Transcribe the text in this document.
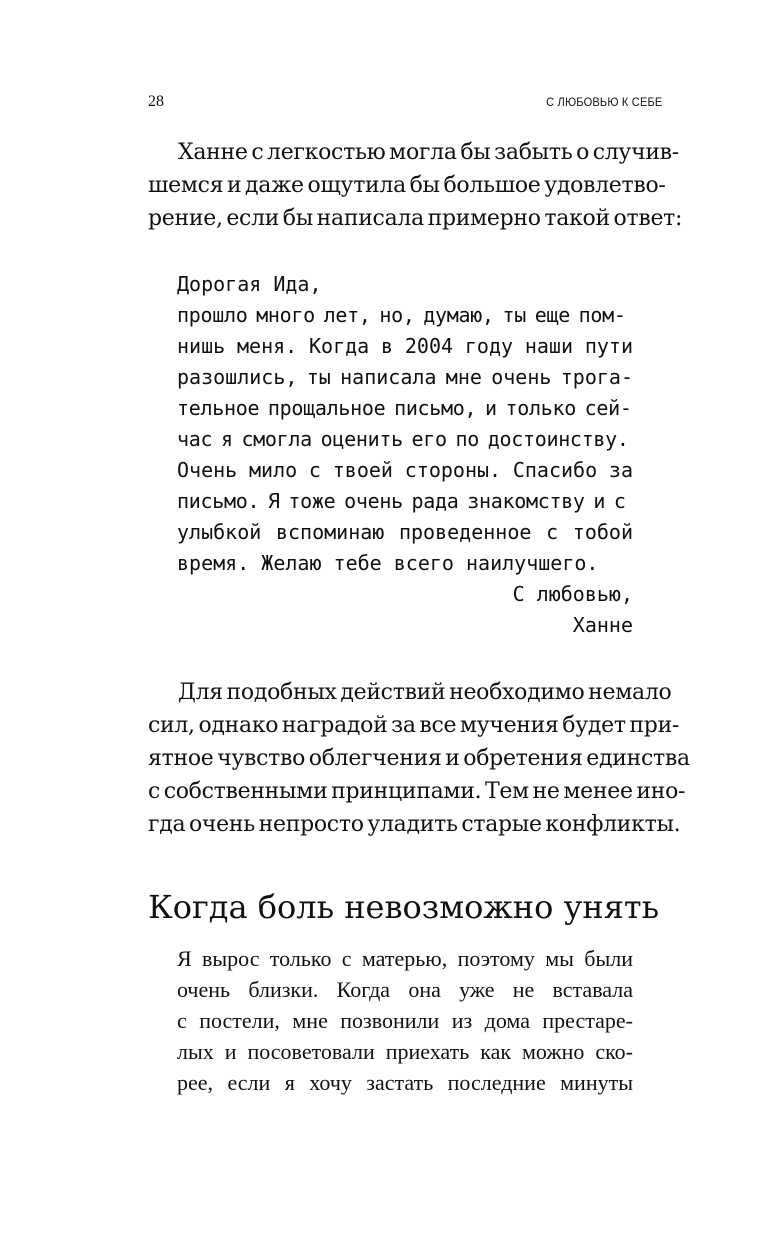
28	С ЛЮБОВЬЮ К СЕБЕ
Ханне с легкостью могла бы забыть о случив-
шемся и даже ощутила бы большое удовлетво-
рение, если бы написала примерно такой ответ:
Дорогая Ида,
прошло много лет, но, думаю, ты еще пом-
нишь меня. Когда в 2004 году наши пути
разошлись, ты написала мне очень трога-
тельное прощальное письмо, и только сей-
час я смогла оценить его по достоинству.
Очень мило с твоей стороны. Спасибо за
письмо. Я тоже очень рада знакомству и с
улыбкой вспоминаю проведенное с тобой
время. Желаю тебе всего наилучшего.
С любовью,
Ханне
Для подобных действий необходимо немало
сил, однако наградой за все мучения будет при-
ятное чувство облегчения и обретения единства
с собственными принципами. Тем не менее ино-
гда очень непросто уладить старые конфликты.
Когда боль невозможно унять
Я вырос только с матерью, поэтому мы были
очень близки. Когда она уже не вставала
с постели, мне позвонили из дома престаре-
лых и посоветовали приехать как можно ско-
рее, если я хочу застать последние минуты
